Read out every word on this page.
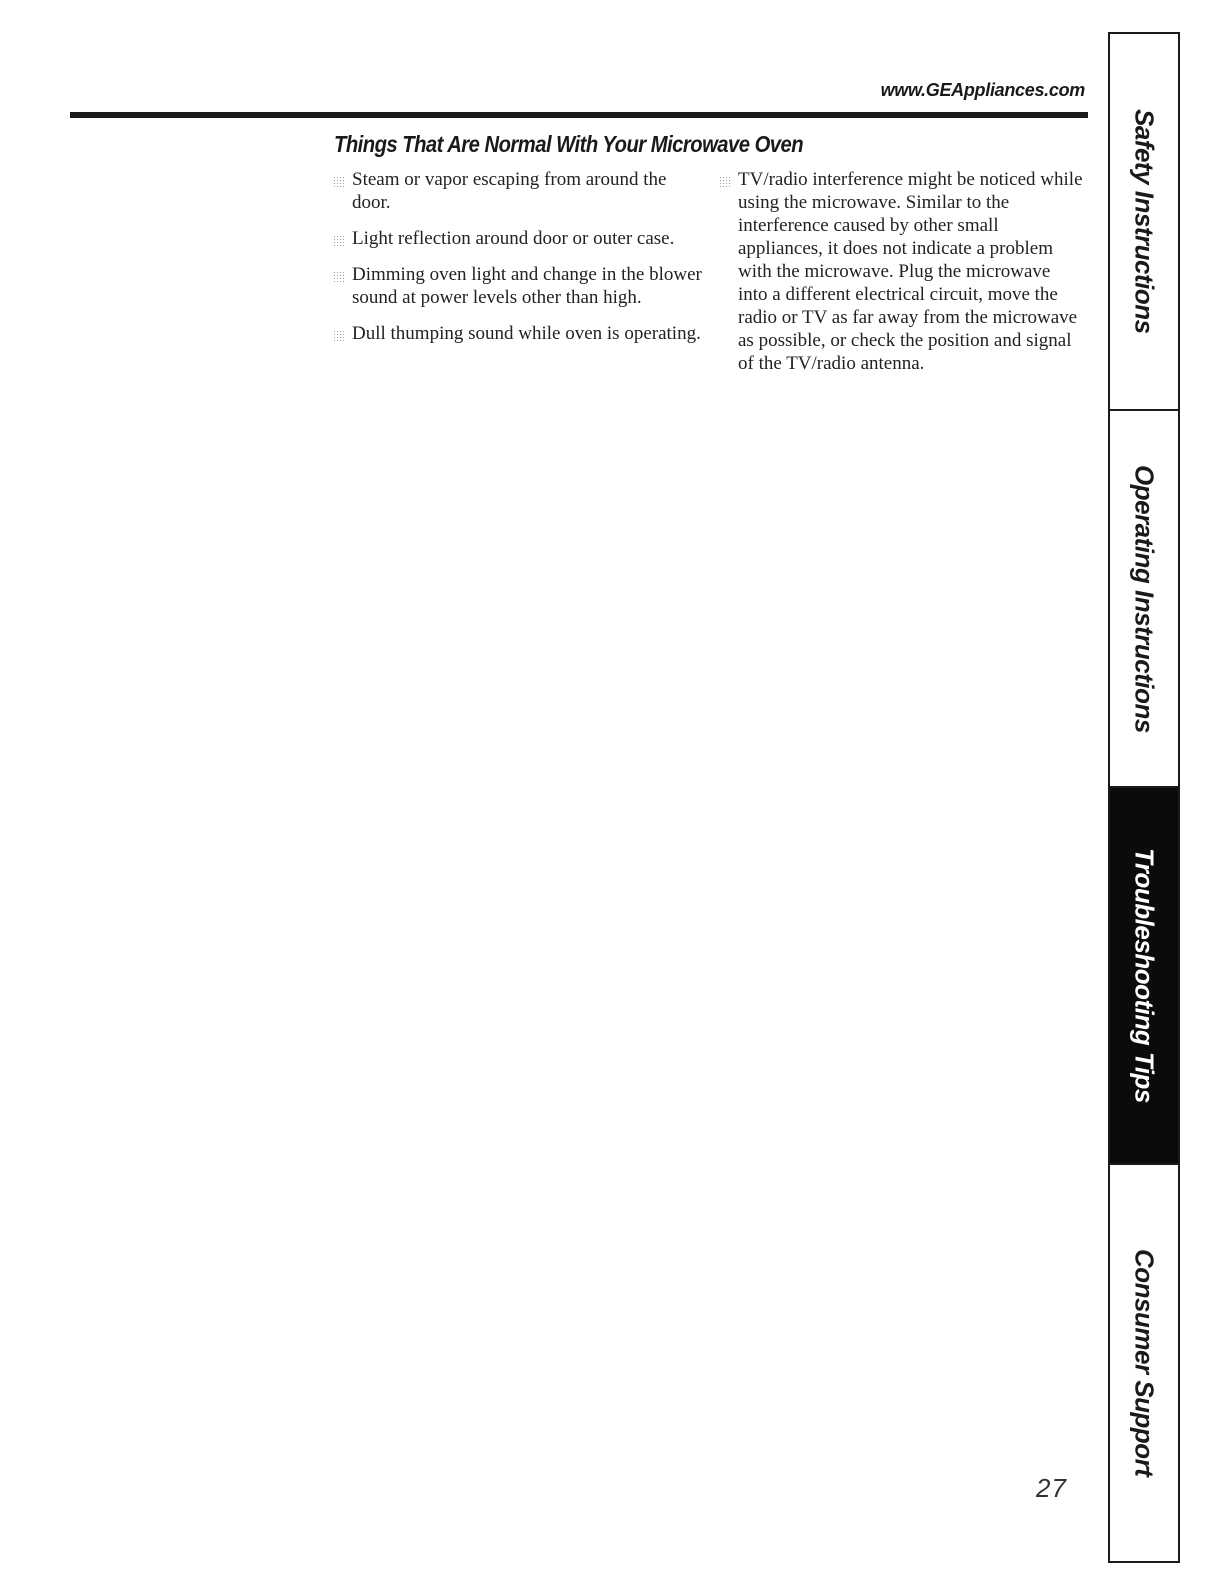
www.GEAppliances.com
Things That Are Normal With Your Microwave Oven
Steam or vapor escaping from around the door.
Light reflection around door or outer case.
Dimming oven light and change in the blower sound at power levels other than high.
Dull thumping sound while oven is operating.
TV/radio interference might be noticed while using the microwave. Similar to the interference caused by other small appliances, it does not indicate a problem with the microwave. Plug the microwave into a different electrical circuit, move the radio or TV as far away from the microwave as possible, or check the position and signal of the TV/radio antenna.
Safety Instructions
Operating Instructions
Troubleshooting Tips
Consumer Support
27
